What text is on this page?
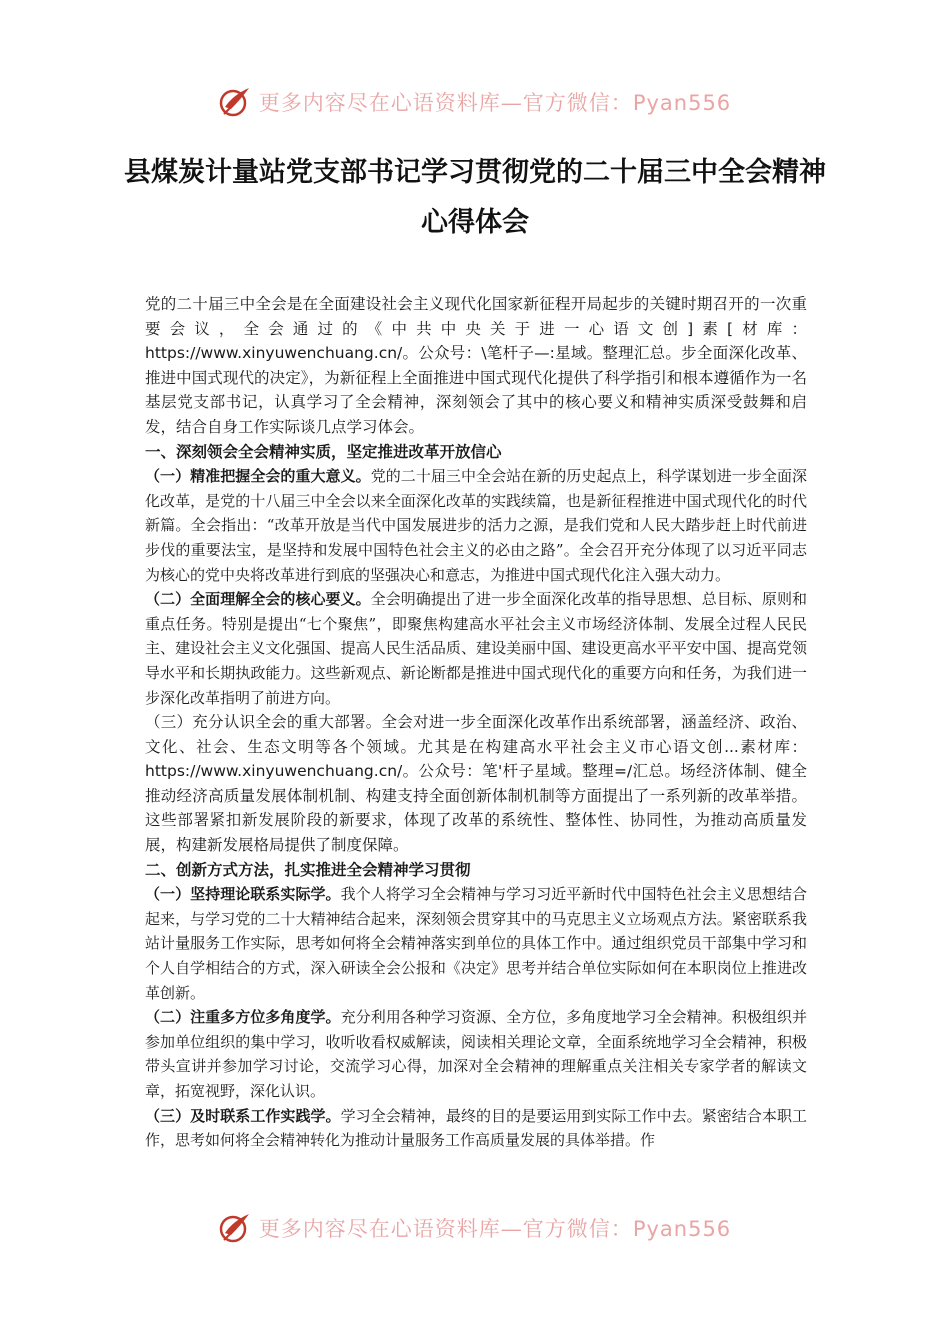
更多内容尽在心语资料库—官方微信：Pyan556
县煤炭计量站党支部书记学习贯彻党的二十届三中全会精神心得体会

党的二十届三中全会是在全面建设社会主义现代化国家新征程开局起步的关键时期召开的一次重要会议，全会通过的《中共中央关于进一心语文创]素[材库：https://www.xinyuwenchuang.cn/。公众号：\笔杆子—:星域。整理汇总。步全面深化改革、推进中国式现代的决定》，为新征程上全面推进中国式现代化提供了科学指引和根本遵循作为一名基层党支部书记，认真学习了全会精神，深刻领会了其中的核心要义和精神实质深受鼓舞和启发，结合自身工作实际谈几点学习体会。

一、深刻领会全会精神实质，坚定推进改革开放信心

（一）精准把握全会的重大意义。党的二十届三中全会站在新的历史起点上，科学谋划进一步全面深化改革，是党的十八届三中全会以来全面深化改革的实践续篇，也是新征程推进中国式现代化的时代新篇。全会指出：“改革开放是当代中国发展进步的活力之源，是我们党和人民大踏步赶上时代前进步伐的重要法宝，是坚持和发展中国特色社会主义的必由之路”。全会召开充分体现了以习近平同志为核心的党中央将改革进行到底的坚强决心和意志，为推进中国式现代化注入强大动力。

（二）全面理解全会的核心要义。全会明确提出了进一步全面深化改革的指导思想、总目标、原则和重点任务。特别是提出“七个聚焦”，即聚焦构建高水平社会主义市场经济体制、发展全过程人民民主、建设社会主义文化强国、提高人民生活品质、建设美丽中国、建设更高水平平安中国、提高党领导水平和长期执政能力。这些新观点、新论断都是推进中国式现代化的重要方向和任务，为我们进一步深化改革指明了前进方向。

（三）充分认识全会的重大部署。全会对进一步全面深化改革作出系统部署，涵盖经济、政治、文化、社会、生态文明等各个领域。尤其是在构建高水平社会主义市心语文创...素材库：https://www.xinyuwenchuang.cn/。公众号：笔'杆子星域。整理=/汇总。场经济体制、健全推动经济高质量发展体制机制、构建支持全面创新体制机制等方面提出了一系列新的改革举措。这些部署紧扣新发展阶段的新要求，体现了改革的系统性、整体性、协同性，为推动高质量发展，构建新发展格局提供了制度保障。

二、创新方式方法，扎实推进全会精神学习贯彻

（一）坚持理论联系实际学。我个人将学习全会精神与学习习近平新时代中国特色社会主义思想结合起来，与学习党的二十大精神结合起来，深刻领会贯穿其中的马克思主义立场观点方法。紧密联系我站计量服务工作实际，思考如何将全会精神落实到单位的具体工作中。通过组织党员干部集中学习和个人自学相结合的方式，深入研读全会公报和《决定》思考并结合单位实际如何在本职岗位上推进改革创新。

（二）注重多方位多角度学。充分利用各种学习资源、全方位，多角度地学习全会精神。积极组织并参加单位组织的集中学习，收听收看权威解读，阅读相关理论文章，全面系统地学习全会精神，积极带头宣讲并参加学习讨论，交流学习心得，加深对全会精神的理解重点关注相关专家学者的解读文章，拓宽视野，深化认识。

（三）及时联系工作实践学。学习全会精神，最终的目的是要运用到实际工作中去。紧密结合本职工作，思考如何将全会精神转化为推动计量服务工作高质量发展的具体举措。作

更多内容尽在心语资料库—官方微信：Pyan556
